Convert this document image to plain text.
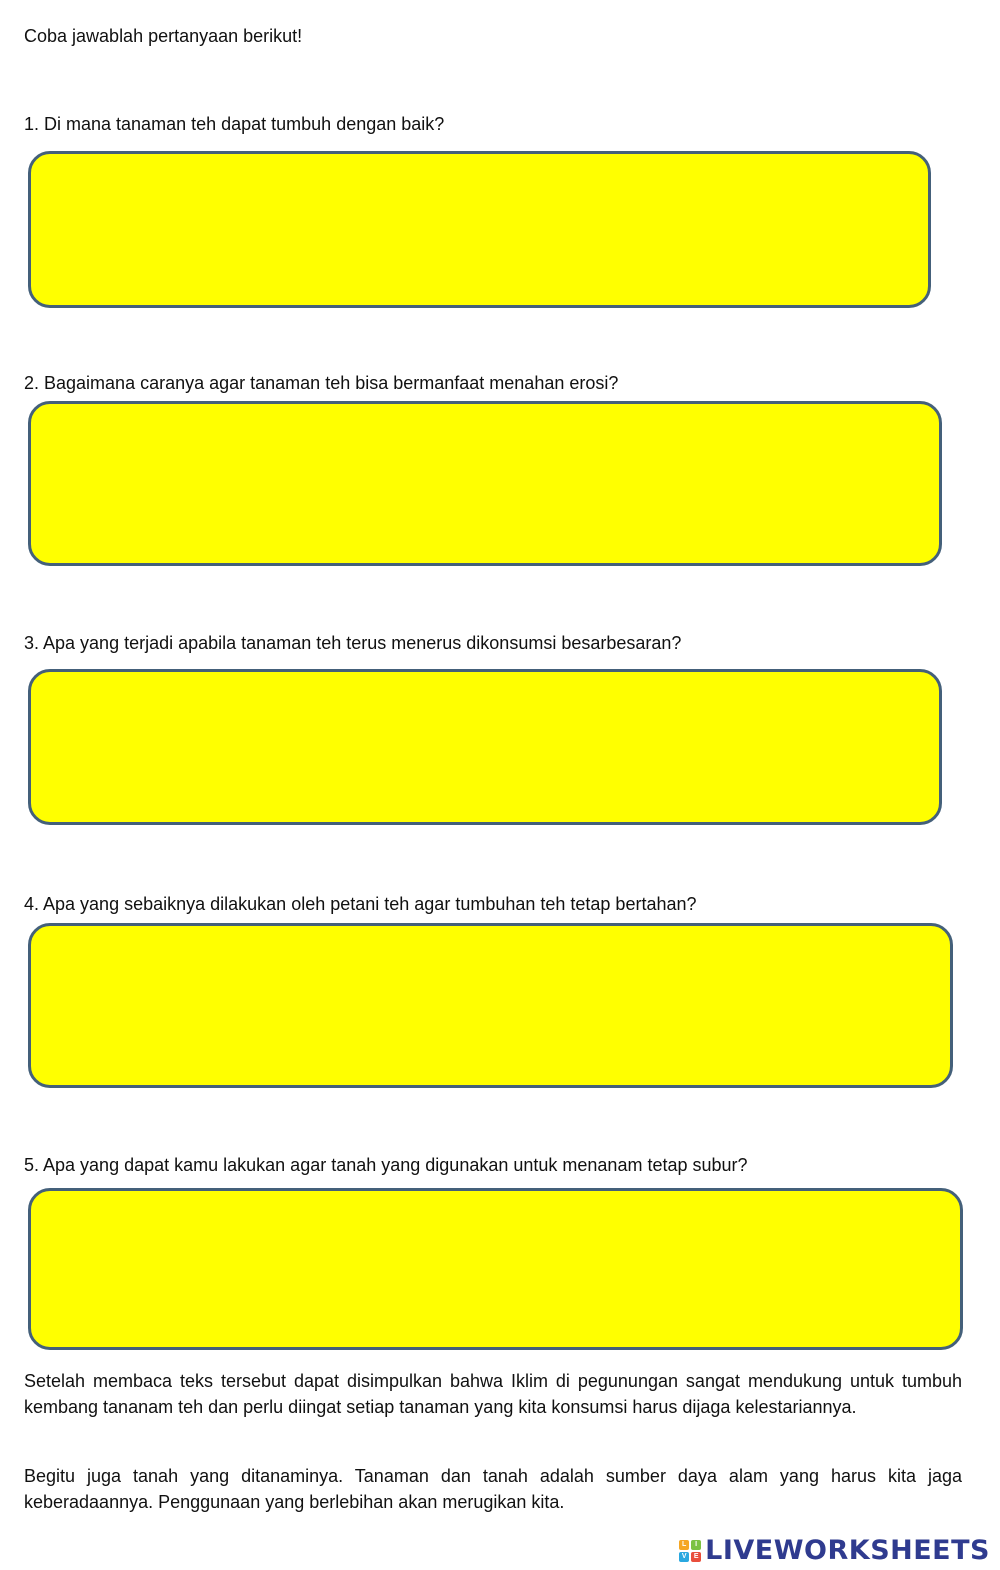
Coba jawablah pertanyaan berikut!
1. Di mana tanaman teh dapat tumbuh dengan baik?
2. Bagaimana caranya agar tanaman teh bisa bermanfaat menahan erosi?
3. Apa yang terjadi apabila tanaman teh terus menerus dikonsumsi besarbesaran?
4. Apa yang sebaiknya dilakukan oleh petani teh agar tumbuhan teh tetap bertahan?
5. Apa yang dapat kamu lakukan agar tanah yang digunakan untuk menanam tetap subur?
Setelah membaca teks tersebut dapat disimpulkan bahwa Iklim di pegunungan sangat mendukung untuk tumbuh kembang tananam teh dan perlu diingat setiap tanaman yang kita konsumsi harus dijaga kelestariannya.
Begitu juga tanah yang ditanaminya. Tanaman dan tanah adalah sumber daya alam yang harus kita jaga keberadaannya. Penggunaan yang berlebihan akan merugikan kita.
L	I
V	E LIVEWORKSHEETS
